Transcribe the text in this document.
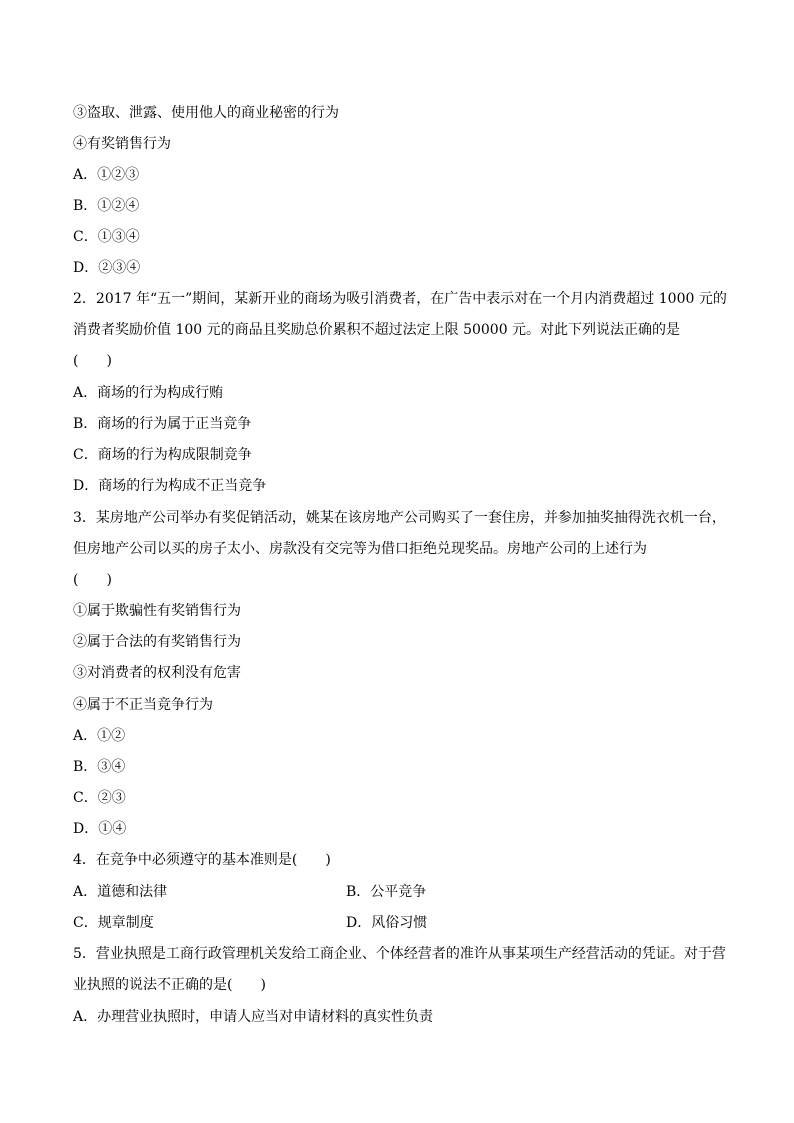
③盗取、泄露、使用他人的商业秘密的行为
④有奖销售行为
A．①②③
B．①②④
C．①③④
D．②③④
2．2017 年“五一”期间，某新开业的商场为吸引消费者，在广告中表示对在一个月内消费超过 1000 元的
消费者奖励价值 100 元的商品且奖励总价累积不超过法定上限 50000 元。对此下列说法正确的是
(　　)
A．商场的行为构成行贿
B．商场的行为属于正当竞争
C．商场的行为构成限制竞争
D．商场的行为构成不正当竞争
3．某房地产公司举办有奖促销活动，姚某在该房地产公司购买了一套住房，并参加抽奖抽得洗衣机一台，
但房地产公司以买的房子太小、房款没有交完等为借口拒绝兑现奖品。房地产公司的上述行为
(　　)
①属于欺骗性有奖销售行为
②属于合法的有奖销售行为
③对消费者的权利没有危害
④属于不正当竞争行为
A．①②
B．③④
C．②③
D．①④
4．在竞争中必须遵守的基本准则是(　　)
A．道德和法律	B．公平竞争
C．规章制度	D．风俗习惯
5．营业执照是工商行政管理机关发给工商企业、个体经营者的准许从事某项生产经营活动的凭证。对于营
业执照的说法不正确的是(　　)
A．办理营业执照时，申请人应当对申请材料的真实性负责
